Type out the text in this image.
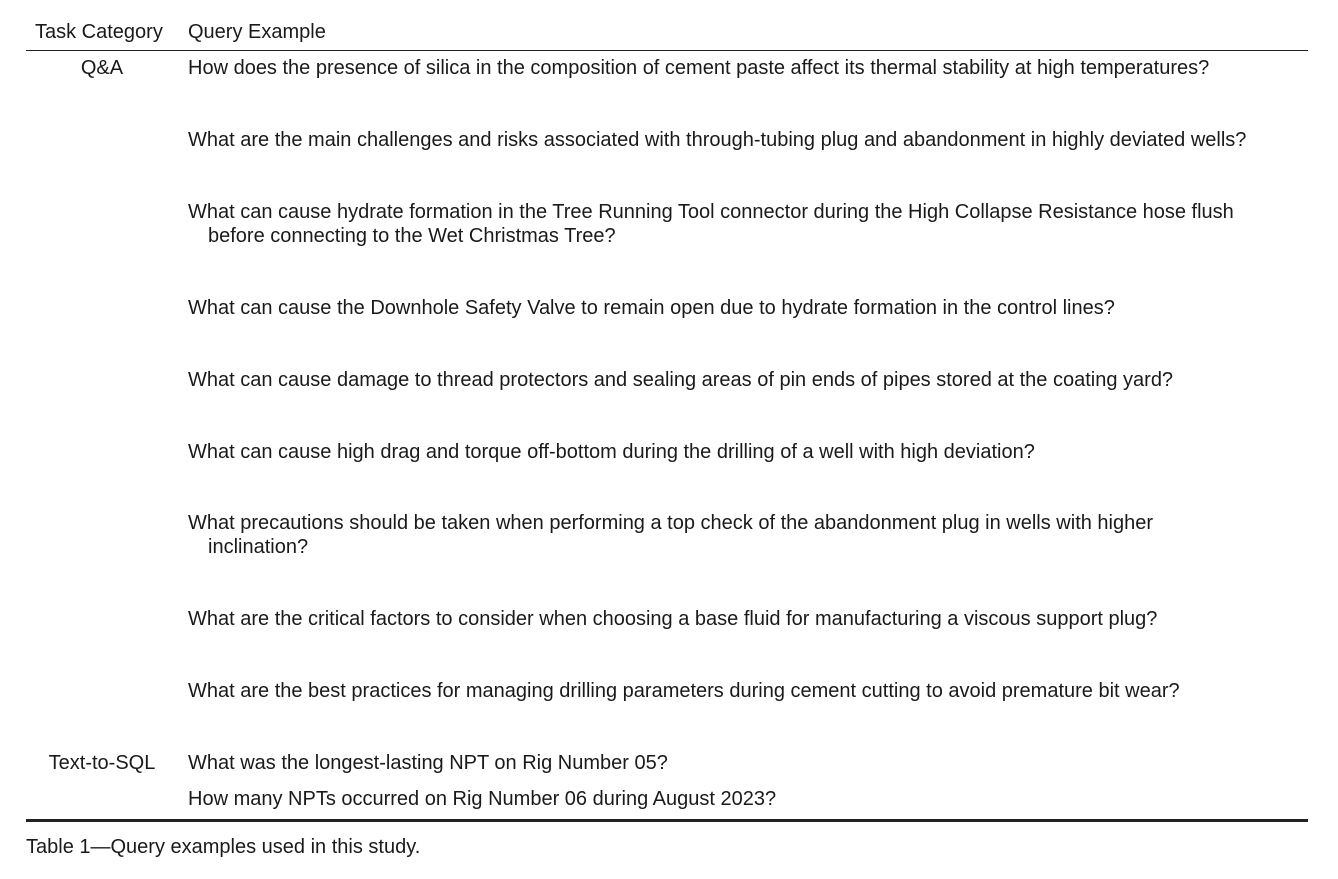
Task Category Query Example
Q&A	How does the presence of silica in the composition of cement paste affect its thermal stability at high temperatures?
What are the main challenges and risks associated with through-tubing plug and abandonment in highly deviated wells?
What can cause hydrate formation in the Tree Running Tool connector during the High Collapse Resistance hose flush
before connecting to the Wet Christmas Tree?
What can cause the Downhole Safety Valve to remain open due to hydrate formation in the control lines?
What can cause damage to thread protectors and sealing areas of pin ends of pipes stored at the coating yard?
What can cause high drag and torque off-bottom during the drilling of a well with high deviation?
What precautions should be taken when performing a top check of the abandonment plug in wells with higher
inclination?
What are the critical factors to consider when choosing a base fluid for manufacturing a viscous support plug?
What are the best practices for managing drilling parameters during cement cutting to avoid premature bit wear?
Text-to-SQL	What was the longest-lasting NPT on Rig Number 05?
How many NPTs occurred on Rig Number 06 during August 2023?
Table 1—Query examples used in this study.
